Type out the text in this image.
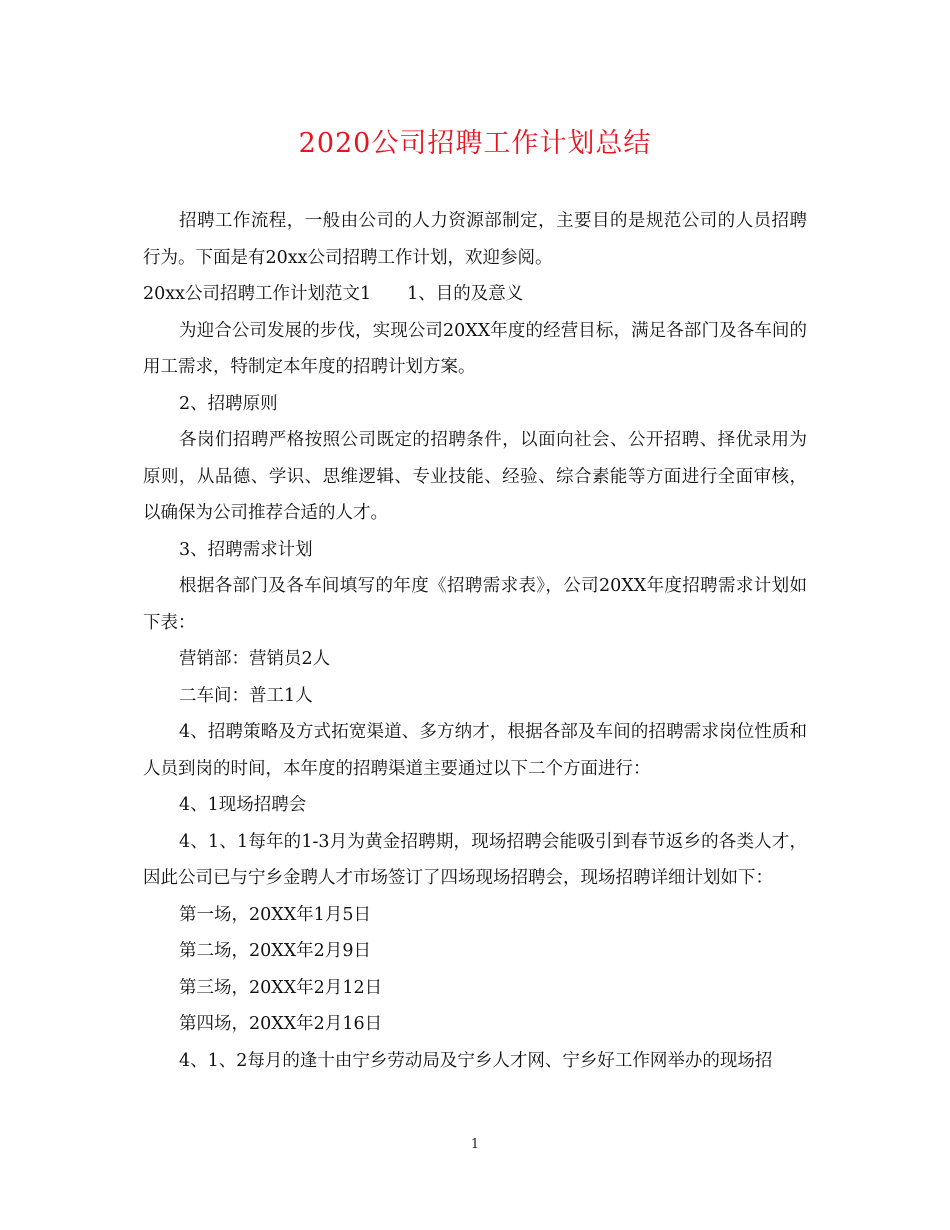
2020公司招聘工作计划总结

招聘工作流程，一般由公司的人力资源部制定，主要目的是规范公司的人员招聘行为。下面是有20xx公司招聘工作计划，欢迎参阅。

20xx公司招聘工作计划范文1 1、目的及意义

为迎合公司发展的步伐，实现公司20XX年度的经营目标，满足各部门及各车间的用工需求，特制定本年度的招聘计划方案。

2、招聘原则

各岗们招聘严格按照公司既定的招聘条件，以面向社会、公开招聘、择优录用为原则，从品德、学识、思维逻辑、专业技能、经验、综合素能等方面进行全面审核，以确保为公司推荐合适的人才。

3、招聘需求计划

根据各部门及各车间填写的年度《招聘需求表》，公司20XX年度招聘需求计划如下表：

营销部：营销员2人

二车间：普工1人

4、招聘策略及方式拓宽渠道、多方纳才，根据各部及车间的招聘需求岗位性质和人员到岗的时间，本年度的招聘渠道主要通过以下二个方面进行：

4、1现场招聘会

4、1、1每年的1-3月为黄金招聘期，现场招聘会能吸引到春节返乡的各类人才，因此公司已与宁乡金聘人才市场签订了四场现场招聘会，现场招聘详细计划如下：

第一场，20XX年1月5日

第二场，20XX年2月9日

第三场，20XX年2月12日

第四场，20XX年2月16日

4、1、2每月的逢十由宁乡劳动局及宁乡人才网、宁乡好工作网举办的现场招

1
